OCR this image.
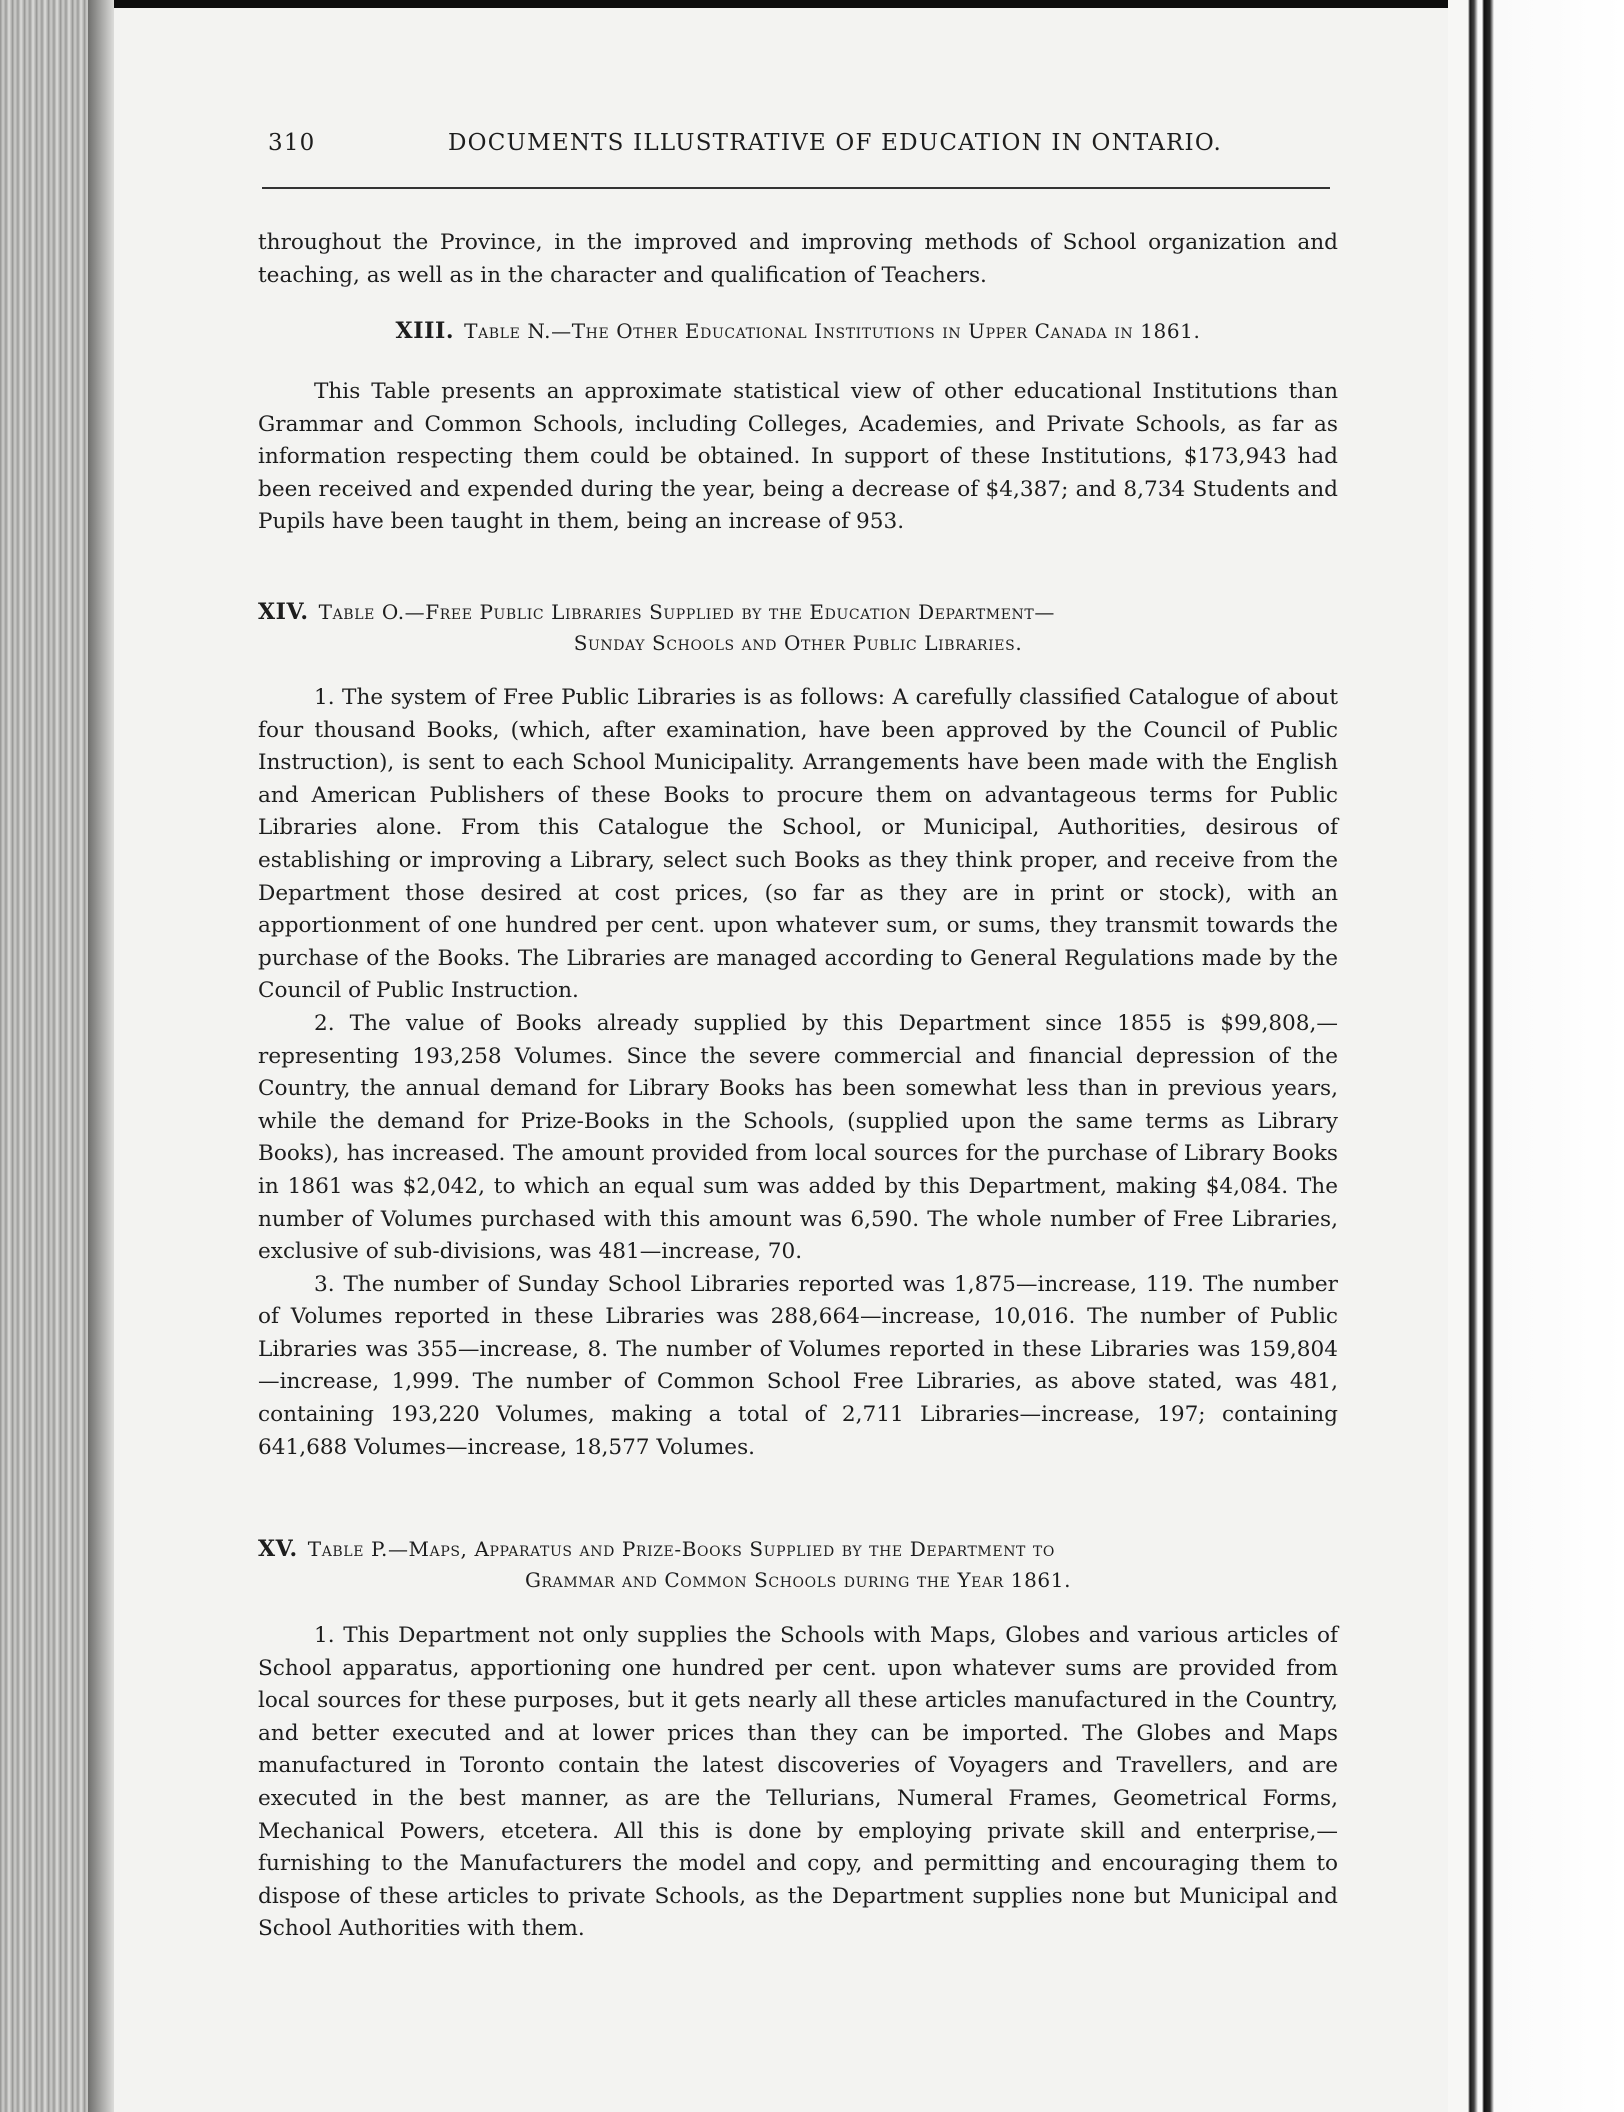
310	DOCUMENTS ILLUSTRATIVE OF EDUCATION IN ONTARIO.

throughout the Province, in the improved and improving methods of School organization and teaching, as well as in the character and qualification of Teachers.

XIII. Table N.—The Other Educational Institutions in Upper Canada in 1861.

This Table presents an approximate statistical view of other educational Institutions than Grammar and Common Schools, including Colleges, Academies, and Private Schools, as far as information respecting them could be obtained. In support of these Institutions, $173,943 had been received and expended during the year, being a decrease of $4,387; and 8,734 Students and Pupils have been taught in them, being an increase of 953.

XIV. Table O.—Free Public Libraries Supplied by the Education Department—
Sunday Schools and Other Public Libraries.

1. The system of Free Public Libraries is as follows: A carefully classified Catalogue of about four thousand Books, (which, after examination, have been approved by the Council of Public Instruction), is sent to each School Municipality. Arrangements have been made with the English and American Publishers of these Books to procure them on advantageous terms for Public Libraries alone. From this Catalogue the School, or Municipal, Authorities, desirous of establishing or improving a Library, select such Books as they think proper, and receive from the Department those desired at cost prices, (so far as they are in print or stock), with an apportionment of one hundred per cent. upon whatever sum, or sums, they transmit towards the purchase of the Books. The Libraries are managed according to General Regulations made by the Council of Public Instruction.

2. The value of Books already supplied by this Department since 1855 is $99,808,—representing 193,258 Volumes. Since the severe commercial and financial depression of the Country, the annual demand for Library Books has been somewhat less than in previous years, while the demand for Prize-Books in the Schools, (supplied upon the same terms as Library Books), has increased. The amount provided from local sources for the purchase of Library Books in 1861 was $2,042, to which an equal sum was added by this Department, making $4,084. The number of Volumes purchased with this amount was 6,590. The whole number of Free Libraries, exclusive of sub-divisions, was 481—increase, 70.

3. The number of Sunday School Libraries reported was 1,875—increase, 119. The number of Volumes reported in these Libraries was 288,664—increase, 10,016. The number of Public Libraries was 355—increase, 8. The number of Volumes reported in these Libraries was 159,804—increase, 1,999. The number of Common School Free Libraries, as above stated, was 481, containing 193,220 Volumes, making a total of 2,711 Libraries—increase, 197; containing 641,688 Volumes—increase, 18,577 Volumes.

XV. Table P.—Maps, Apparatus and Prize-Books Supplied by the Department to
Grammar and Common Schools during the Year 1861.

1. This Department not only supplies the Schools with Maps, Globes and various articles of School apparatus, apportioning one hundred per cent. upon whatever sums are provided from local sources for these purposes, but it gets nearly all these articles manufactured in the Country, and better executed and at lower prices than they can be imported. The Globes and Maps manufactured in Toronto contain the latest discoveries of Voyagers and Travellers, and are executed in the best manner, as are the Tellurians, Numeral Frames, Geometrical Forms, Mechanical Powers, etcetera. All this is done by employing private skill and enterprise,—furnishing to the Manufacturers the model and copy, and permitting and encouraging them to dispose of these articles to private Schools, as the Department supplies none but Municipal and School Authorities with them.
